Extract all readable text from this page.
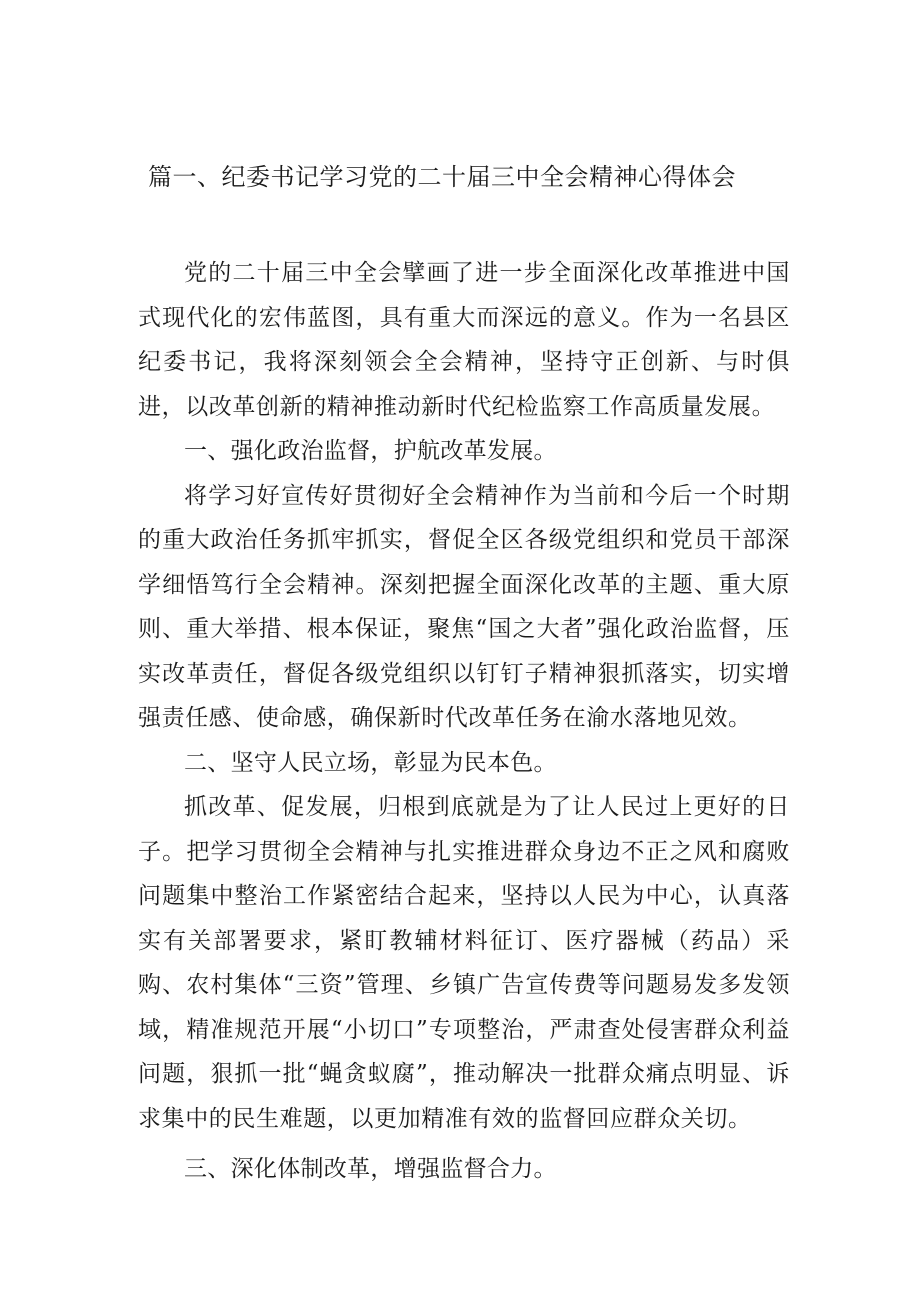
篇一、纪委书记学习党的二十届三中全会精神心得体会

党的二十届三中全会擘画了进一步全面深化改革推进中国式现代化的宏伟蓝图，具有重大而深远的意义。作为一名县区纪委书记，我将深刻领会全会精神，坚持守正创新、与时俱进，以改革创新的精神推动新时代纪检监察工作高质量发展。

一、强化政治监督，护航改革发展。

将学习好宣传好贯彻好全会精神作为当前和今后一个时期的重大政治任务抓牢抓实，督促全区各级党组织和党员干部深学细悟笃行全会精神。深刻把握全面深化改革的主题、重大原则、重大举措、根本保证，聚焦“国之大者”强化政治监督，压实改革责任，督促各级党组织以钉钉子精神狠抓落实，切实增强责任感、使命感，确保新时代改革任务在渝水落地见效。

二、坚守人民立场，彰显为民本色。

抓改革、促发展，归根到底就是为了让人民过上更好的日子。把学习贯彻全会精神与扎实推进群众身边不正之风和腐败问题集中整治工作紧密结合起来，坚持以人民为中心，认真落实有关部署要求，紧盯教辅材料征订、医疗器械（药品）采购、农村集体“三资”管理、乡镇广告宣传费等问题易发多发领域，精准规范开展“小切口”专项整治，严肃查处侵害群众利益问题，狠抓一批“蝇贪蚁腐”，推动解决一批群众痛点明显、诉求集中的民生难题，以更加精准有效的监督回应群众关切。

三、深化体制改革，增强监督合力。
